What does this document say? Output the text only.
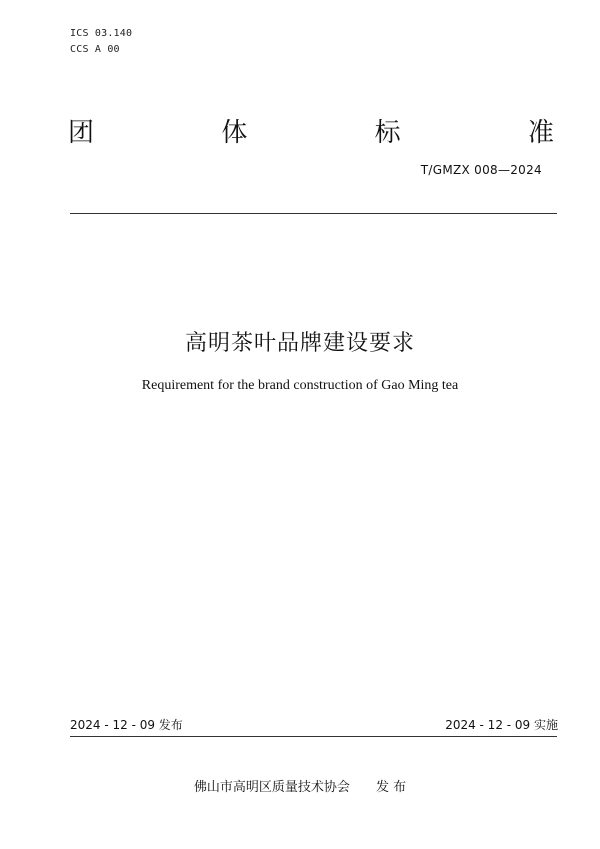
ICS 03.140
CCS A 00
团	体	标	准
T/GMZX 008—2024
高明茶叶品牌建设要求
Requirement for the brand construction of Gao Ming tea
2024 - 12 - 09 发布	2024 - 12 - 09 实施
佛山市高明区质量技术协会 发 布
